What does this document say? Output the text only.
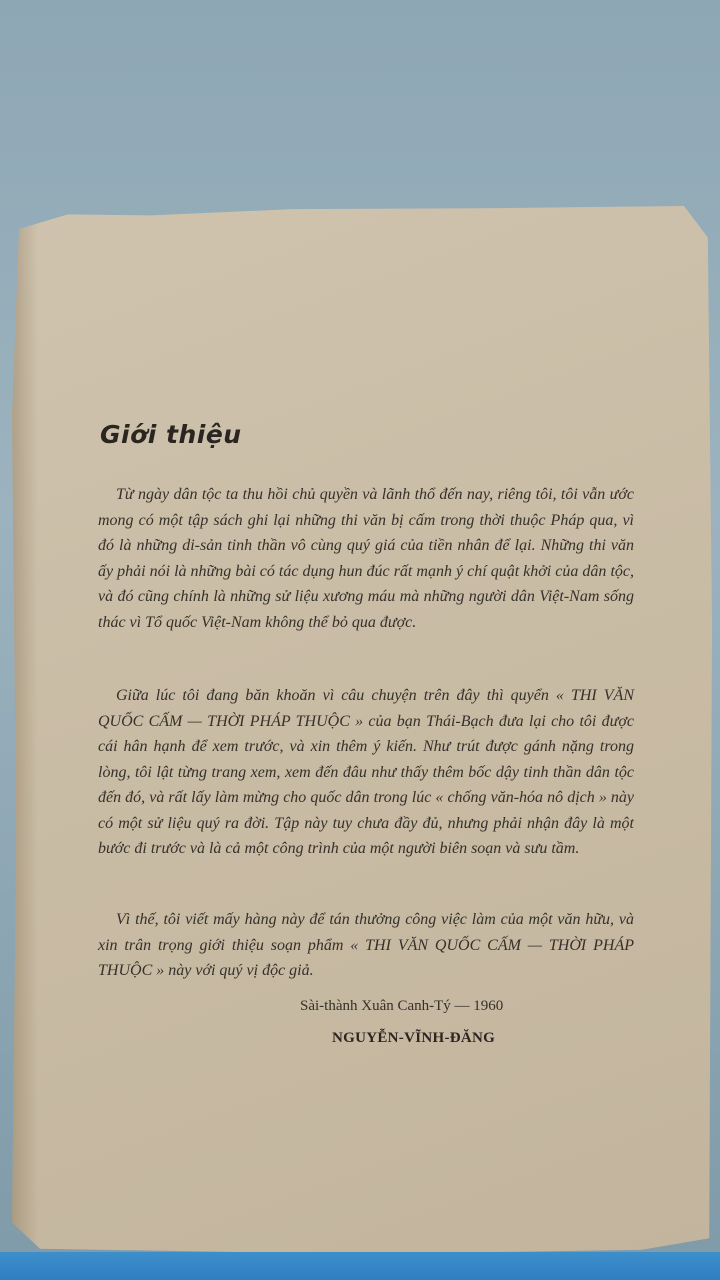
Giới thiệu

Từ ngày dân tộc ta thu hồi chủ quyền và lãnh thổ đến nay, riêng tôi, tôi vẫn ước mong có một tập sách ghi lại những thi văn bị cấm trong thời thuộc Pháp qua, vì đó là những di-sản tinh thần vô cùng quý giá của tiền nhân để lại. Những thi văn ấy phải nói là những bài có tác dụng hun đúc rất mạnh ý chí quật khởi của dân tộc, và đó cũng chính là những sử liệu xương máu mà những người dân Việt-Nam sống thác vì Tổ quốc Việt-Nam không thể bỏ qua được.

Giữa lúc tôi đang băn khoăn vì câu chuyện trên đây thì quyển « THI VĂN QUỐC CẤM — THỜI PHÁP THUỘC » của bạn Thái-Bạch đưa lại cho tôi được cái hân hạnh để xem trước, và xin thêm ý kiến. Như trút được gánh nặng trong lòng, tôi lật từng trang xem, xem đến đâu như thấy thêm bốc dậy tinh thần dân tộc đến đó, và rất lấy làm mừng cho quốc dân trong lúc « chống văn-hóa nô dịch » này có một sử liệu quý ra đời. Tập này tuy chưa đầy đủ, nhưng phải nhận đây là một bước đi trước và là cả một công trình của một người biên soạn và sưu tầm.

Vì thế, tôi viết mấy hàng này để tán thưởng công việc làm của một văn hữu, và xin trân trọng giới thiệu soạn phẩm « THI VĂN QUỐC CẤM — THỜI PHÁP THUỘC » này với quý vị độc giả.

Sài-thành Xuân Canh-Tý — 1960

NGUYỄN-VĨNH-ĐĂNG
